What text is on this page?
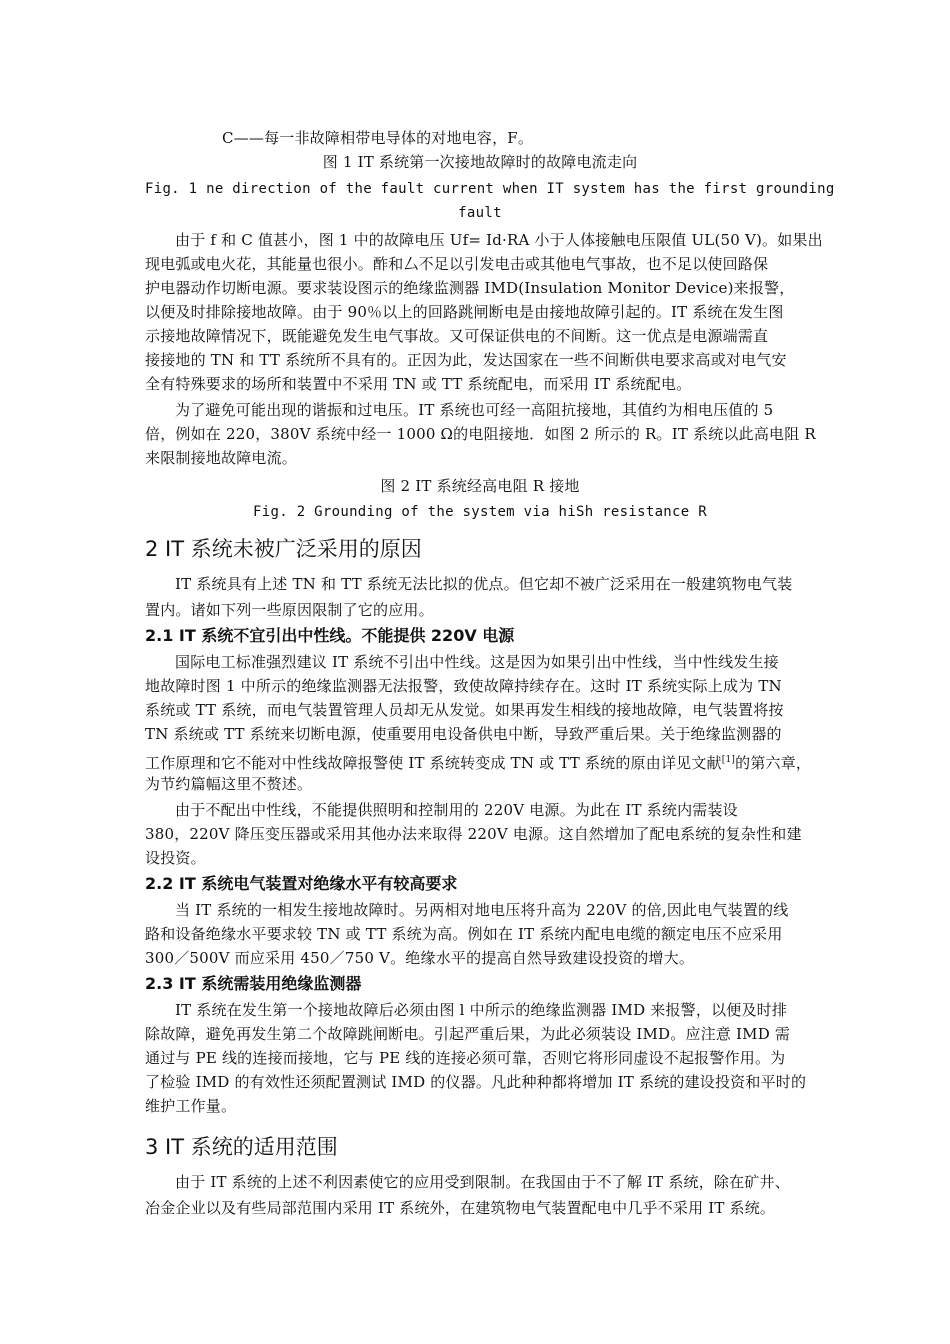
C——每一非故障相带电导体的对地电容，F。
图 1 IT 系统第一次接地故障时的故障电流走向
Fig. 1 ne direction of the fault current when IT system has the first grounding
fault
由于 f 和 C 值甚小，图 1 中的故障电压 Uf= Id·RA 小于人体接触电压限值 UL(50 V)。如果出
现电弧或电火花，其能量也很小。酢和厶不足以引发电击或其他电气事故，也不足以使回路保
护电器动作切断电源。要求装设图示的绝缘监测器 IMD(Insulation Monitor Device)来报警，
以便及时排除接地故障。由于 90％以上的回路跳闸断电是由接地故障引起的。IT 系统在发生图
示接地故障情况下，既能避免发生电气事故。又可保证供电的不间断。这一优点是电源端需直
接接地的 TN 和 TT 系统所不具有的。正因为此，发达国家在一些不间断供电要求高或对电气安
全有特殊要求的场所和装置中不采用 TN 或 TT 系统配电，而采用 IT 系统配电。
为了避免可能出现的谐振和过电压。IT 系统也可经一高阻抗接地，其值约为相电压值的 5
倍，例如在 220，380V 系统中经一 1000 Ω的电阻接地．如图 2 所示的 R。IT 系统以此高电阻 R
来限制接地故障电流。
图 2 IT 系统经高电阻 R 接地
Fig. 2 Grounding of the system via hiSh resistance R
2 IT 系统未被广泛采用的原因
IT 系统具有上述 TN 和 TT 系统无法比拟的优点。但它却不被广泛采用在一般建筑物电气装
置内。诸如下列一些原因限制了它的应用。
2.1 IT 系统不宜引出中性线。不能提供 220V 电源
国际电工标准强烈建议 IT 系统不引出中性线。这是因为如果引出中性线，当中性线发生接
地故障时图 1 中所示的绝缘监测器无法报警，致使故障持续存在。这时 IT 系统实际上成为 TN
系统或 TT 系统，而电气装置管理人员却无从发觉。如果再发生相线的接地故障，电气装置将按
TN 系统或 TT 系统来切断电源，使重要用电设备供电中断，导致严重后果。关于绝缘监测器的
工作原理和它不能对中性线故障报警使 IT 系统转变成 TN 或 TT 系统的原由详见文献[1]的第六章，
为节约篇幅这里不赘述。
由于不配出中性线，不能提供照明和控制用的 220V 电源。为此在 IT 系统内需装设
380，220V 降压变压器或采用其他办法来取得 220V 电源。这自然增加了配电系统的复杂性和建
设投资。
2.2 IT 系统电气装置对绝缘水平有较高要求
当 IT 系统的一相发生接地故障时。另两相对地电压将升高为 220V 的倍,因此电气装置的线
路和设备绝缘水平要求较 TN 或 TT 系统为高。例如在 IT 系统内配电电缆的额定电压不应采用
300／500V 而应采用 450／750 V。绝缘水平的提高自然导致建设投资的增大。
2.3 IT 系统需装用绝缘监测器
IT 系统在发生第一个接地故障后必须由图 l 中所示的绝缘监测器 IMD 来报警，以便及时排
除故障，避免再发生第二个故障跳闸断电。引起严重后果，为此必须装设 IMD。应注意 IMD 需
通过与 PE 线的连接而接地，它与 PE 线的连接必须可靠，否则它将形同虚设不起报警作用。为
了检验 IMD 的有效性还须配置测试 IMD 的仪器。凡此种种都将增加 IT 系统的建设投资和平时的
维护工作量。
3 IT 系统的适用范围
由于 IT 系统的上述不利因素使它的应用受到限制。在我国由于不了解 IT 系统，除在矿井、
冶金企业以及有些局部范围内采用 IT 系统外，在建筑物电气装置配电中几乎不采用 IT 系统。
